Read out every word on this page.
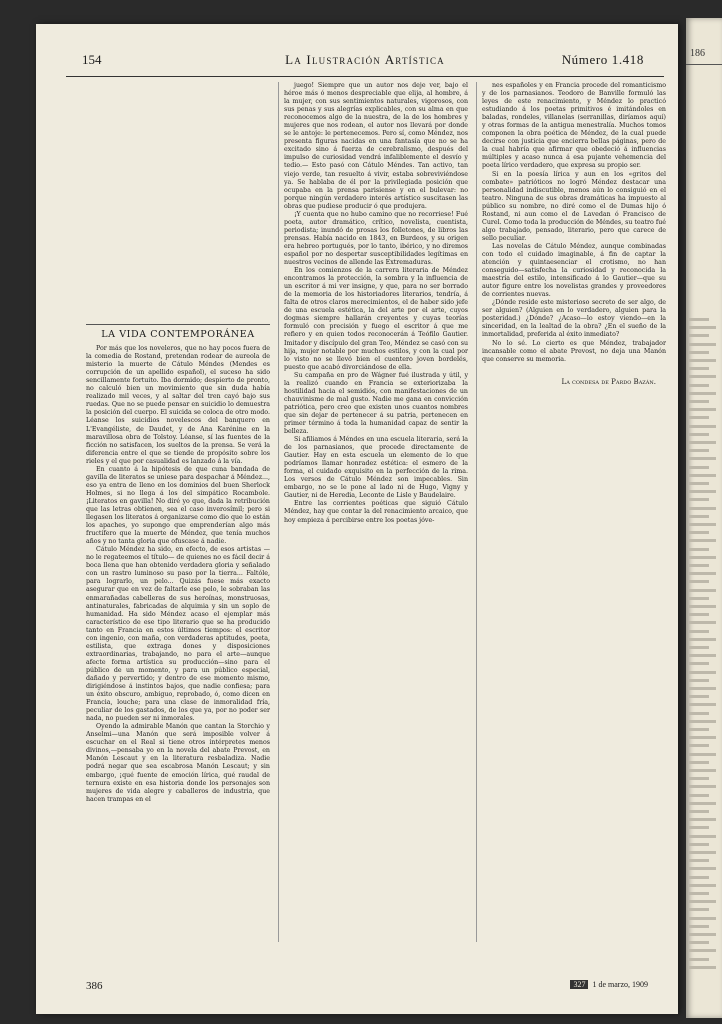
154	La Ilustración Artística	Número 1.418
LA VIDA CONTEMPORÁNEA

Por más que los noveleros, que no hay pocos fuera de la comedia de Rostand, pretendan rodear de aureola de misterio la muerte de Cátulo Méndes (Mendes es corrupción de un apellido español), el suceso ha sido sencillamente fortuito. Iba dormido; despierto de pronto, no calculó bien un movimiento que sin duda había realizado mil veces, y al saltar del tren cayó bajo sus ruedas. Que no se puede pensar en suicidio lo demuestra la posición del cuerpo. El suicida se coloca de otro modo. Léanse los suicidios novelescos del banquero en L'Evangéliste, de Daudet, y de Ana Karénine en la maravillosa obra de Tolstoy. Léanse, sí las fuentes de la ficción no satisfacen, los sueltos de la prensa. Se verá la diferencia entre el que se tiende de propósito sobre los rieles y el que por casualidad es lanzado á la vía.

En cuanto á la hipótesis de que cuna bandada de gavilla de literatos se uniese para despachar á Méndez..., eso ya entra de lleno en los dominios del buen Sherlock Holmes, si no llega á los del simpático Rocambole. ¡Literatos en gavilla! No diré yo que, dada la retribución que las letras obtienen, sea el caso inverosímil; pero si llegasen los literatos á organizarse como dio que lo están los apaches, yo supongo que emprenderían algo más fructífero que la muerte de Méndez, que tenía muchos años y no tanta gloria que ofuscase á nadie.

Cátulo Méndez ha sido, en efecto, de esos artistas —no le regateemos el título— de quienes no es fácil decir á boca llena que han obtenido verdadera gloria y señalado con un rastro luminoso su paso por la tierra... Faltóle, para lograrlo, un pelo... Quizás fuese más exacto asegurar que en vez de faltarle ese pelo, le sobraban las enmarañadas cabelleras de sus heroínas, monstruosas, antinaturales, fabricadas de alquimia y sin un soplo de humanidad. Ha sido Méndez acaso el ejemplar más característico de ese tipo literario que se ha producido tanto en Francia en estos últimos tiempos: el escritor con ingenio, con maña, con verdaderas aptitudes, poeta, estilista, que extraga dones y disposiciones extraordinarias, trabajando, no para el arte—aunque afecte forma artística su producción—sino para el público de un momento, y para un público especial, dañado y pervertido; y dentro de ese momento mismo, dirigiéndose á instintos bajos, que nadie confiesa; para un éxito obscuro, ambiguo, reprobado, ó, como dicen en Francia, louche; para una clase de inmoralidad fría, peculiar de los gastados, de los que ya, por no poder ser nada, no pueden ser ni inmorales.

Oyendo la admirable Manón que cantan la Storchio y Anselmi—una Manón que será imposible volver á escuchar en el Real si tiene otros intérpretes menos divinos,—pensaba yo en la novela del abate Prevost, en Manón Lescaut y en la literatura resbaladiza. Nadie podrá negar que sea escabrosa Manón Lescaut; y sin embargo, ¡qué fuente de emoción lírica, qué raudal de ternura existe en esa historia donde los personajes son mujeres de vida alegre y caballeros de industria, que hacen trampas en el

juego! Siempre que un autor nos deje ver, bajo el héroe más ó menos despreciable que elija, al hombre, á la mujer, con sus sentimientos naturales, vigorosos, con sus penas y sus alegrías explicables, con su alma en que reconocemos algo de la nuestra, de la de los hombres y mujeres que nos rodean, el autor nos llevará por donde se le antoje: le pertenecemos. Pero sí, como Méndez, nos presenta figuras nacidas en una fantasía que no se ha excitado sino á fuerza de cerebralismo, después del impulso de curiosidad vendrá infaliblemente el desvío y tedio.— Esto pasó con Cátulo Méndes. Tan activo, tan viejo verde, tan resuelto á vivir, estaba sobreviviéndose ya. Se hablaba de él por la privilegiada posición que ocupaba en la prensa parisiense y en el bulevar: no porque ningún verdadero interés artístico suscitasen las obras que pudiese producir ó que produjera.

¡Y cuenta que no hubo camino que no recorriese! Fué poeta, autor dramático, crítico, novelista, cuentista, periodista; inundó de prosas los folletones, de libros las prensas. Había nacido en 1843, en Burdeos, y su origen era hebreo portugués, por lo tanto, ibérico, y no diremos español por no despertar susceptibilidades legítimas en nuestros vecinos de allende las Extremaduras.

En los comienzos de la carrera literaria de Méndez encontramos la protección, la sombra y la influencia de un escritor á mi ver insigne, y que, para no ser borrado de la memoria de los historiadores literarios, tendría, á falta de otros claros merecimientos, el de haber sido jefe de una escuela estética, la del arte por el arte, cuyos dogmas siempre hallarán creyentes y cuyas teorías formuló con precisión y fuego el escritor á que me refiero y en quien todos reconocerán á Teófilo Gautier. Imitador y discípulo del gran Teo, Méndez se casó con su hija, mujer notable por muchos estilos, y con la cual por lo visto no se llevó bien el cuentero joven bordelés, puesto que acabó divorciándose de ella.

Su campaña en pro de Wágner fué ilustrada y útil, y la realizó cuando en Francia se exteriorizaba la hostilidad hacia el semidiós, con manifestaciones de un chauvinisme de mal gusto. Nadie me gana en convicción patriótica, pero creo que existen unos cuantos nombres que sin dejar de pertenecer á su patria, pertenecen en primer término á toda la humanidad capaz de sentir la belleza.

Si afiliamos á Méndes en una escuela literaria, será la de los parnasianos, que procede directamente de Gautier. Hay en esta escuela un elemento de lo que podríamos llamar honradez estética: el esmero de la forma, el cuidado exquisito en la perfección de la rima. Los versos de Cátulo Méndez son impecables. Sin embargo, no se le pone al lado ni de Hugo, Vigny y Gautier, ni de Heredia, Leconte de Lisle y Baudelaire.

Entre las corrientes poéticas que siguió Cátulo Méndez, hay que contar la del renacimiento arcaico, que hoy empieza á percibirse entre los poetas jóve-

nes españoles y en Francia procede del romanticismo y de los parnasianos. Teodoro de Banville formuló las leyes de este renacimiento, y Méndez lo practicó estudiando á los poetas primitivos é imitándoles en baladas, rondeles, villanelas (serranillas, diríamos aquí) y otras formas de la antigua menestralía. Muchos tomos componen la obra poética de Méndez, de la cual puede decirse con justicia que encierra bellas páginas, pero de la cual habría que afirmar que obedeció á influencias múltiples y acaso nunca á esa pujante vehemencia del poeta lírico verdadero, que expresa su propio ser.

Si en la poesía lírica y aun en los «gritos del combate» patrióticos no logró Méndez destacar una personalidad indiscutible, menos aún lo consiguió en el teatro. Ninguna de sus obras dramáticas ha impuesto al público su nombre, no diré como el de Dumas hijo ó Rostand, ni aun como el de Lavedan ó Francisco de Curel. Como toda la producción de Méndes, su teatro fué algo trabajado, pensado, literario, pero que carece de sello peculiar.

Las novelas de Cátulo Méndez, aunque combinadas con todo el cuidado imaginable, á fin de captar la atención y quintaesenciar el crotismo, no han conseguido—satisfecha la curiosidad y reconocida la maestría del estilo, intensificado á lo Gautier—que su autor figure entre los novelistas grandes y proveedores de corrientes nuevas.

¿Dónde reside este misterioso secreto de ser algo, de ser alguien? (Alguien en lo verdadero, alguien para la posteridad.) ¿Dónde? ¿Acaso—lo estoy viendo—en la sinceridad, en la lealtad de la obra? ¿En el sueño de la inmortalidad, preferida al éxito inmediato?

No lo sé. Lo cierto es que Méndez, trabajador incansable como el abate Prevost, no deja una Manón que conserve su memoria.

La condesa de Pardo Bazán.
386	327 1 de marzo, 1909
186
